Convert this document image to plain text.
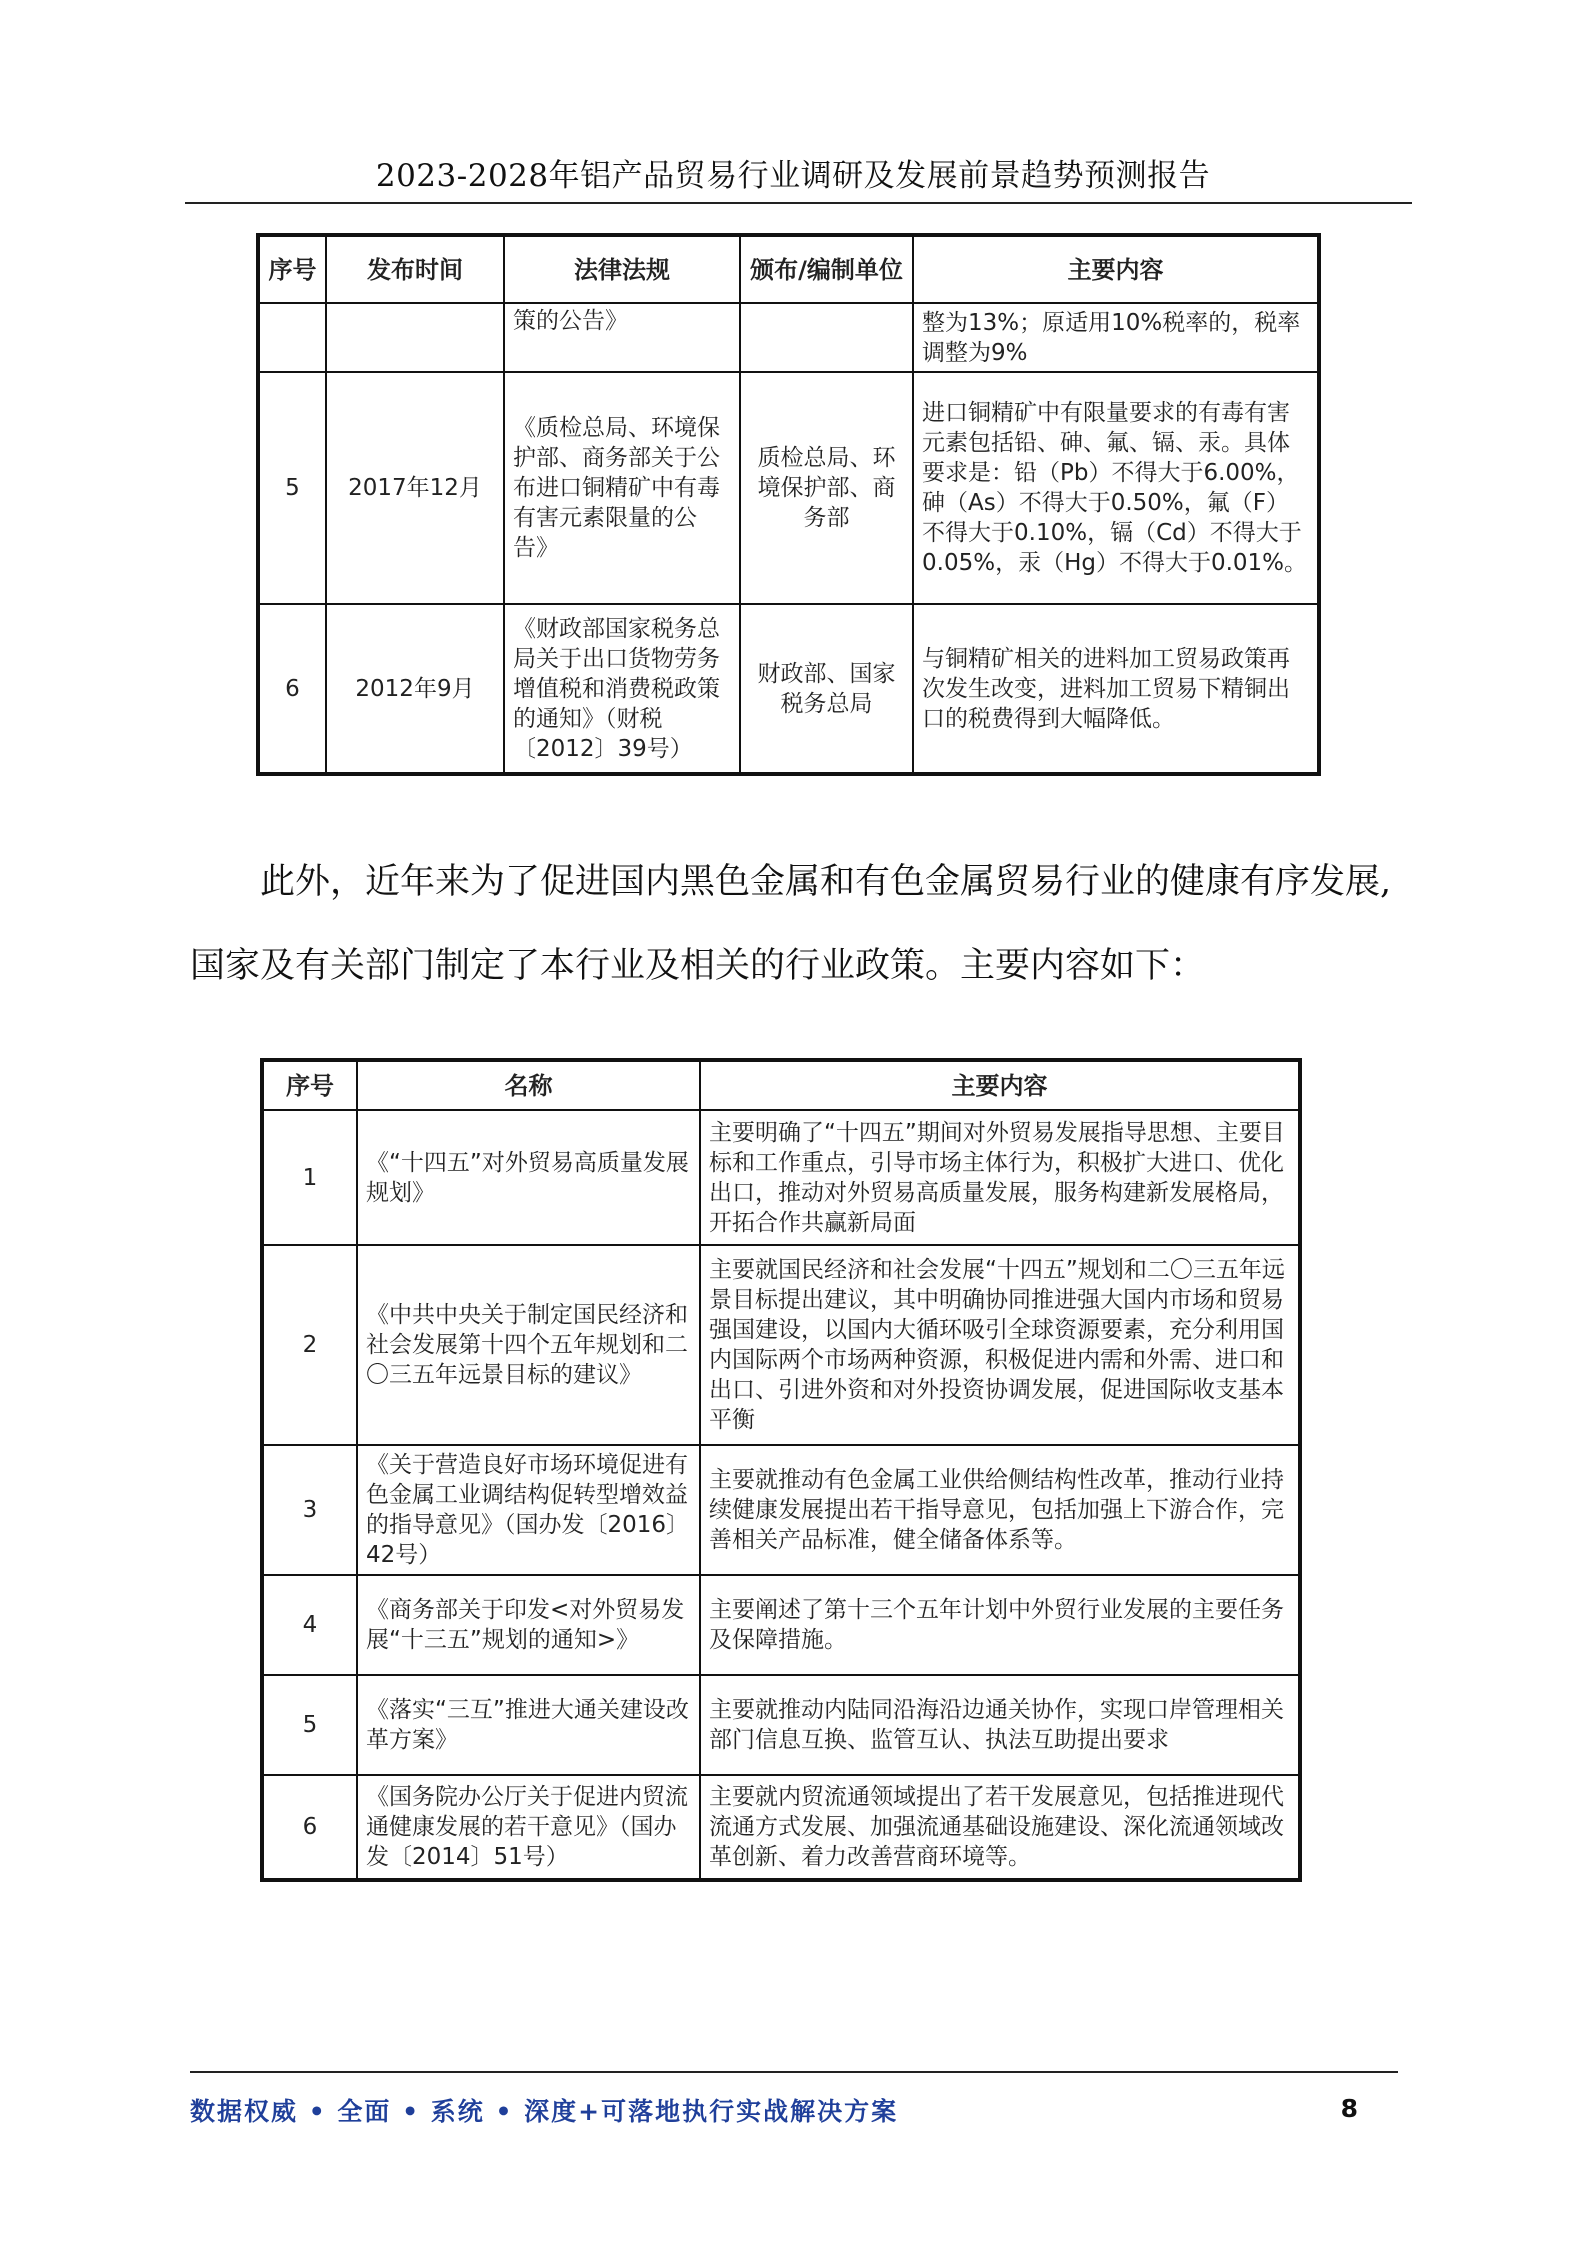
2023-2028年铝产品贸易行业调研及发展前景趋势预测报告
序号	发布时间	法律法规	颁布/编制单位	主要内容
		策的公告》		整为13%；原适用10%税率的，税率调整为9%
5	2017年12月	《质检总局、环境保护部、商务部关于公布进口铜精矿中有毒有害元素限量的公告》	质检总局、环境保护部、商务部	进口铜精矿中有限量要求的有毒有害元素包括铅、砷、氟、镉、汞。具体要求是：铅（Pb）不得大于6.00%，砷（As）不得大于0.50%，氟（F）不得大于0.10%，镉（Cd）不得大于0.05%，汞（Hg）不得大于0.01%。
6	2012年9月	《财政部国家税务总局关于出口货物劳务增值税和消费税政策的通知》（财税〔2012〕39号）	财政部、国家税务总局	与铜精矿相关的进料加工贸易政策再次发生改变，进料加工贸易下精铜出口的税费得到大幅降低。

此外，近年来为了促进国内黑色金属和有色金属贸易行业的健康有序发展,国家及有关部门制定了本行业及相关的行业政策。主要内容如下：

序号	名称	主要内容
1	《“十四五”对外贸易高质量发展规划》	主要明确了“十四五”期间对外贸易发展指导思想、主要目标和工作重点，引导市场主体行为，积极扩大进口、优化出口，推动对外贸易高质量发展，服务构建新发展格局，开拓合作共赢新局面
2	《中共中央关于制定国民经济和社会发展第十四个五年规划和二〇三五年远景目标的建议》	主要就国民经济和社会发展“十四五”规划和二〇三五年远景目标提出建议，其中明确协同推进强大国内市场和贸易强国建设，以国内大循环吸引全球资源要素，充分利用国内国际两个市场两种资源，积极促进内需和外需、进口和出口、引进外资和对外投资协调发展，促进国际收支基本平衡
3	《关于营造良好市场环境促进有色金属工业调结构促转型增效益的指导意见》（国办发〔2016〕42号）	主要就推动有色金属工业供给侧结构性改革，推动行业持续健康发展提出若干指导意见，包括加强上下游合作，完善相关产品标准，健全储备体系等。
4	《商务部关于印发<对外贸易发展“十三五”规划的通知>》	主要阐述了第十三个五年计划中外贸行业发展的主要任务及保障措施。
5	《落实“三互”推进大通关建设改革方案》	主要就推动内陆同沿海沿边通关协作，实现口岸管理相关部门信息互换、监管互认、执法互助提出要求
6	《国务院办公厅关于促进内贸流通健康发展的若干意见》（国办发〔2014〕51号）	主要就内贸流通领域提出了若干发展意见，包括推进现代流通方式发展、加强流通基础设施建设、深化流通领域改革创新、着力改善营商环境等。
数据权威 • 全面 • 系统 • 深度+可落地执行实战解决方案	8
